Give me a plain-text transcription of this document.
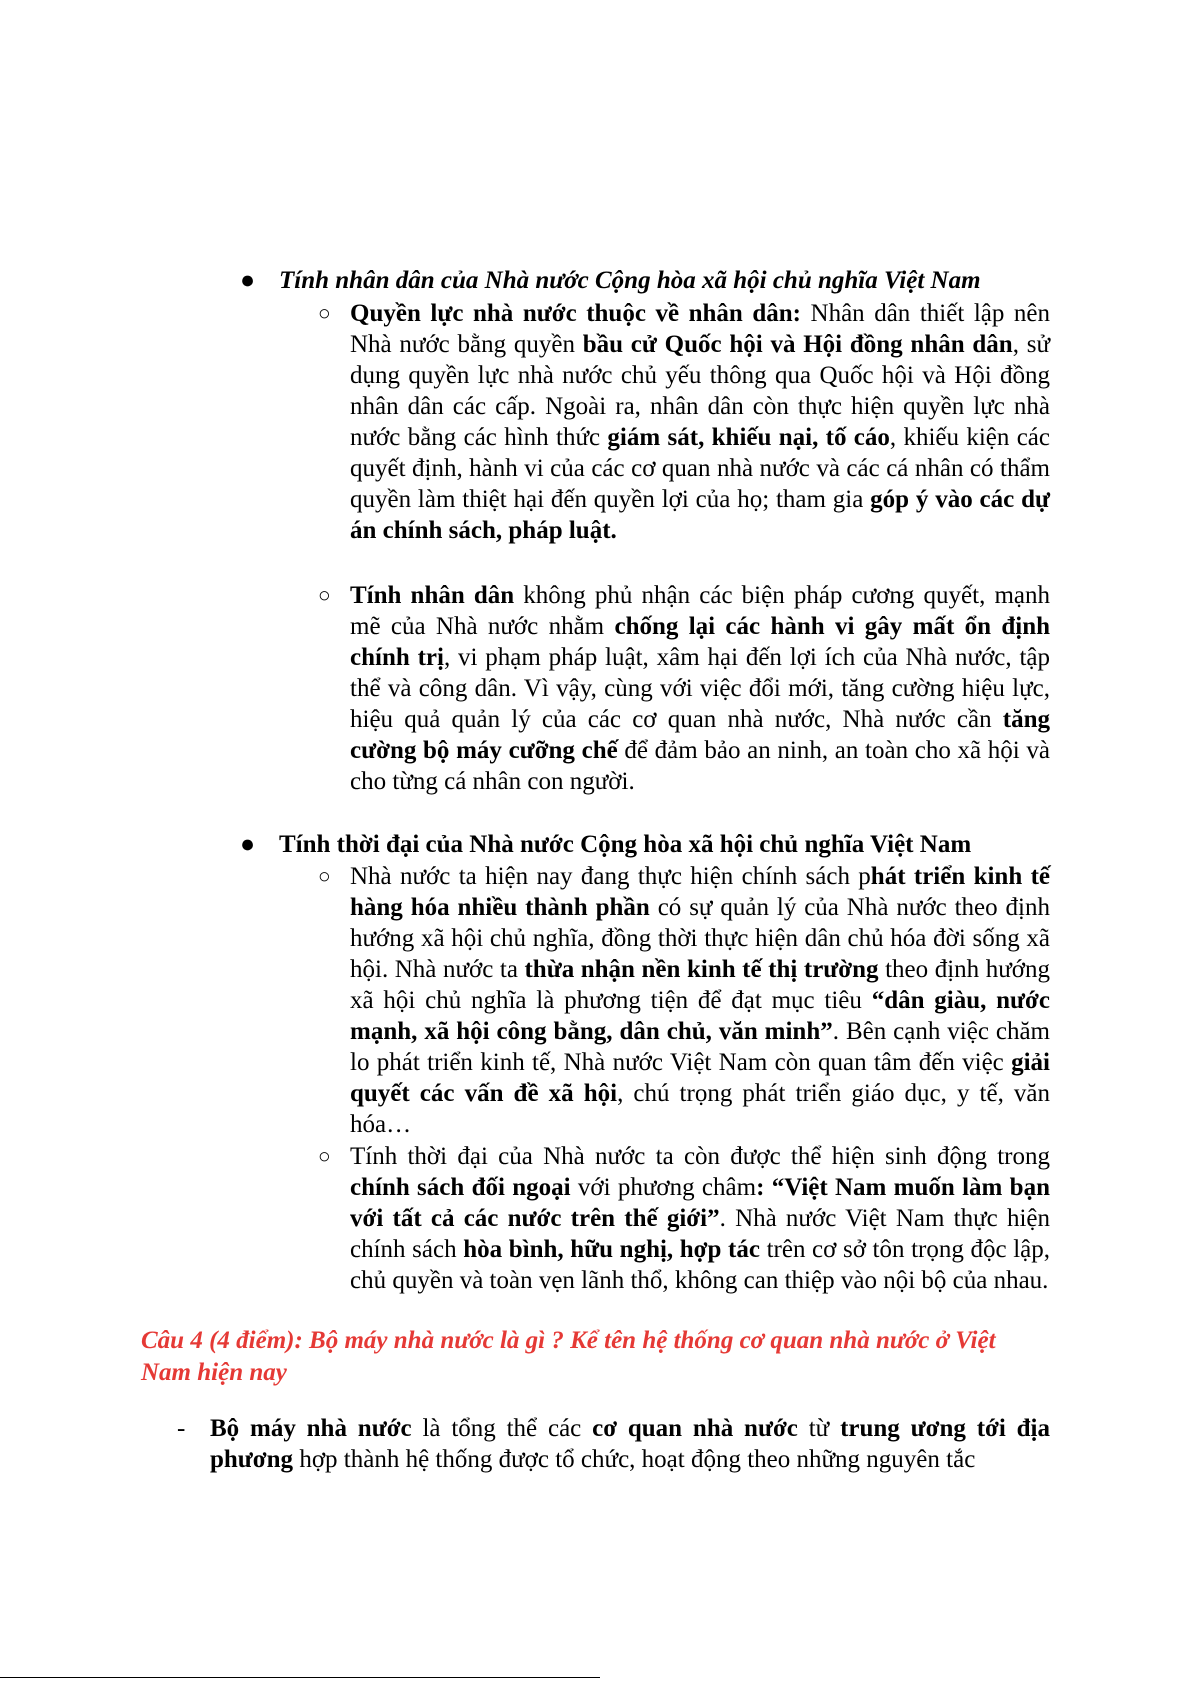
● Tính nhân dân của Nhà nước Cộng hòa xã hội chủ nghĩa Việt Nam
○ Quyền lực nhà nước thuộc về nhân dân: Nhân dân thiết lập nên Nhà nước bằng quyền bầu cử Quốc hội và Hội đồng nhân dân, sử dụng quyền lực nhà nước chủ yếu thông qua Quốc hội và Hội đồng nhân dân các cấp. Ngoài ra, nhân dân còn thực hiện quyền lực nhà nước bằng các hình thức giám sát, khiếu nại, tố cáo, khiếu kiện các quyết định, hành vi của các cơ quan nhà nước và các cá nhân có thẩm quyền làm thiệt hại đến quyền lợi của họ; tham gia góp ý vào các dự án chính sách, pháp luật.
○ Tính nhân dân không phủ nhận các biện pháp cương quyết, mạnh mẽ của Nhà nước nhằm chống lại các hành vi gây mất ổn định chính trị, vi phạm pháp luật, xâm hại đến lợi ích của Nhà nước, tập thể và công dân. Vì vậy, cùng với việc đổi mới, tăng cường hiệu lực, hiệu quả quản lý của các cơ quan nhà nước, Nhà nước cần tăng cường bộ máy cưỡng chế để đảm bảo an ninh, an toàn cho xã hội và cho từng cá nhân con người.
● Tính thời đại của Nhà nước Cộng hòa xã hội chủ nghĩa Việt Nam
○ Nhà nước ta hiện nay đang thực hiện chính sách phát triển kinh tế hàng hóa nhiều thành phần có sự quản lý của Nhà nước theo định hướng xã hội chủ nghĩa, đồng thời thực hiện dân chủ hóa đời sống xã hội. Nhà nước ta thừa nhận nền kinh tế thị trường theo định hướng xã hội chủ nghĩa là phương tiện để đạt mục tiêu “dân giàu, nước mạnh, xã hội công bằng, dân chủ, văn minh”. Bên cạnh việc chăm lo phát triển kinh tế, Nhà nước Việt Nam còn quan tâm đến việc giải quyết các vấn đề xã hội, chú trọng phát triển giáo dục, y tế, văn hóa…
○ Tính thời đại của Nhà nước ta còn được thể hiện sinh động trong chính sách đối ngoại với phương châm: “Việt Nam muốn làm bạn với tất cả các nước trên thế giới”. Nhà nước Việt Nam thực hiện chính sách hòa bình, hữu nghị, hợp tác trên cơ sở tôn trọng độc lập, chủ quyền và toàn vẹn lãnh thổ, không can thiệp vào nội bộ của nhau.
Câu 4 (4 điểm): Bộ máy nhà nước là gì ? Kể tên hệ thống cơ quan nhà nước ở Việt Nam hiện nay
- Bộ máy nhà nước là tổng thể các cơ quan nhà nước từ trung ương tới địa phương hợp thành hệ thống được tổ chức, hoạt động theo những nguyên tắc
